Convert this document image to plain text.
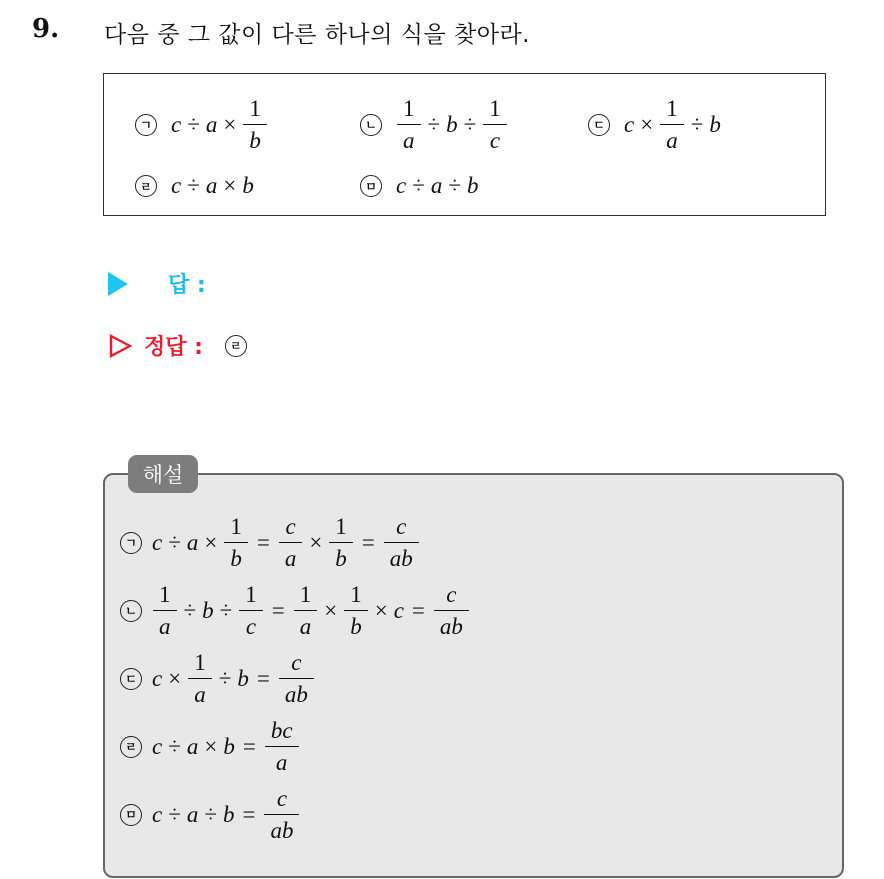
9. 다음 중 그 값이 다른 하나의 식을 찾아라.
ㄱ $c \div a \times \frac{1}{b}$	ㄴ $\frac{1}{a} \div b \div \frac{1}{c}$	ㄷ $c \times \frac{1}{a} \div b$
ㄹ c ÷ a × b	ㅁ c ÷ a ÷ b
답 :
정답 :	ㄹ
해설
ㄱ $c \div a \times \frac{1}{b} = \frac{c}{a} \times \frac{1}{b} = \frac{c}{ab}$
ㄴ $\frac{1}{a} \div b \div \frac{1}{c} = \frac{1}{a} \times \frac{1}{b} \times c = \frac{c}{ab}$
ㄷ $c \times \frac{1}{a} \div b = \frac{c}{ab}$
ㄹ $c \div a \times b = \frac{bc}{a}$
ㅁ $c \div a \div b = \frac{c}{ab}$
